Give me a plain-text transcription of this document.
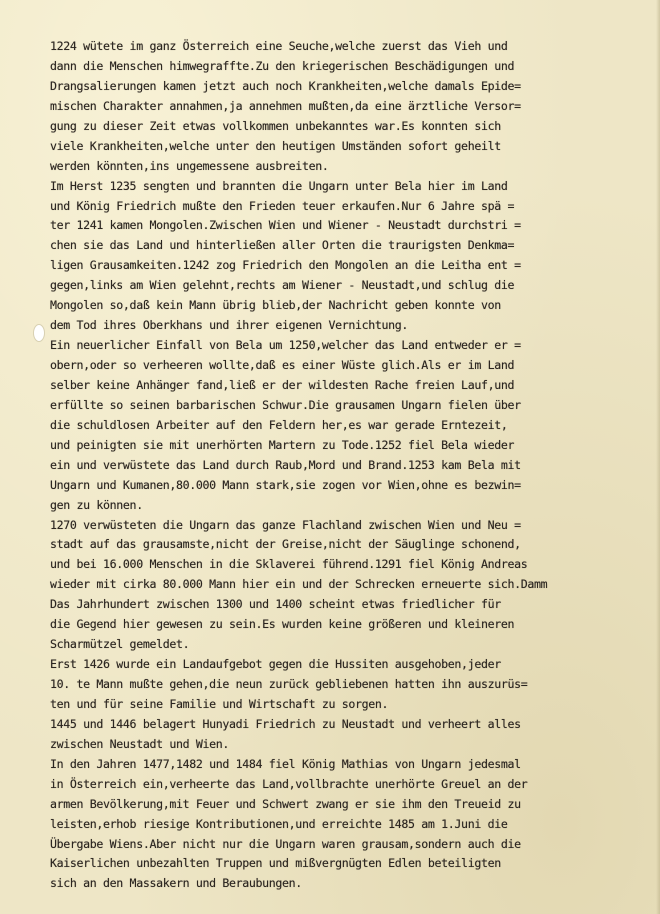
1224 wütete im ganz Österreich eine Seuche,welche zuerst das Vieh und
dann die Menschen himwegraffte.Zu den kriegerischen Beschädigungen und
Drangsalierungen kamen jetzt auch noch Krankheiten,welche damals Epide=
mischen Charakter annahmen,ja annehmen mußten,da eine ärztliche Versor=
gung zu dieser Zeit etwas vollkommen unbekanntes war.Es konnten sich
viele Krankheiten,welche unter den heutigen Umständen sofort geheilt
werden könnten,ins ungemessene ausbreiten.
Im Herst 1235 sengten und brannten die Ungarn unter Bela hier im Land
und König Friedrich mußte den Frieden teuer erkaufen.Nur 6 Jahre spä =
ter 1241 kamen Mongolen.Zwischen Wien und Wiener - Neustadt durchstri =
chen sie das Land und hinterließen aller Orten die traurigsten Denkma=
ligen Grausamkeiten.1242 zog Friedrich den Mongolen an die Leitha ent =
gegen,links am Wien gelehnt,rechts am Wiener - Neustadt,und schlug die
Mongolen so,daß kein Mann übrig blieb,der Nachricht geben konnte von
dem Tod ihres Oberkhans und ihrer eigenen Vernichtung.
Ein neuerlicher Einfall von Bela um 1250,welcher das Land entweder er =
obern,oder so verheeren wollte,daß es einer Wüste glich.Als er im Land
selber keine Anhänger fand,ließ er der wildesten Rache freien Lauf,und
erfüllte so seinen barbarischen Schwur.Die grausamen Ungarn fielen über
die schuldlosen Arbeiter auf den Feldern her,es war gerade Erntezeit,
und peinigten sie mit unerhörten Martern zu Tode.1252 fiel Bela wieder
ein und verwüstete das Land durch Raub,Mord und Brand.1253 kam Bela mit
Ungarn und Kumanen,80.000 Mann stark,sie zogen vor Wien,ohne es bezwin=
gen zu können.
1270 verwüsteten die Ungarn das ganze Flachland zwischen Wien und Neu =
stadt auf das grausamste,nicht der Greise,nicht der Säuglinge schonend,
und bei 16.000 Menschen in die Sklaverei führend.1291 fiel König Andreas
wieder mit cirka 80.000 Mann hier ein und der Schrecken erneuerte sich.Damm
Das Jahrhundert zwischen 1300 und 1400 scheint etwas friedlicher für
die Gegend hier gewesen zu sein.Es wurden keine größeren und kleineren
Scharmützel gemeldet.
Erst 1426 wurde ein Landaufgebot gegen die Hussiten ausgehoben,jeder
10. te Mann mußte gehen,die neun zurück gebliebenen hatten ihn auszurüs=
ten und für seine Familie und Wirtschaft zu sorgen.
1445 und 1446 belagert Hunyadi Friedrich zu Neustadt und verheert alles
zwischen Neustadt und Wien.
In den Jahren 1477,1482 und 1484 fiel König Mathias von Ungarn jedesmal
in Österreich ein,verheerte das Land,vollbrachte unerhörte Greuel an der
armen Bevölkerung,mit Feuer und Schwert zwang er sie ihm den Treueid zu
leisten,erhob riesige Kontributionen,und erreichte 1485 am 1.Juni die
Übergabe Wiens.Aber nicht nur die Ungarn waren grausam,sondern auch die
Kaiserlichen unbezahlten Truppen und mißvergnügten Edlen beteiligten
sich an den Massakern und Beraubungen.
